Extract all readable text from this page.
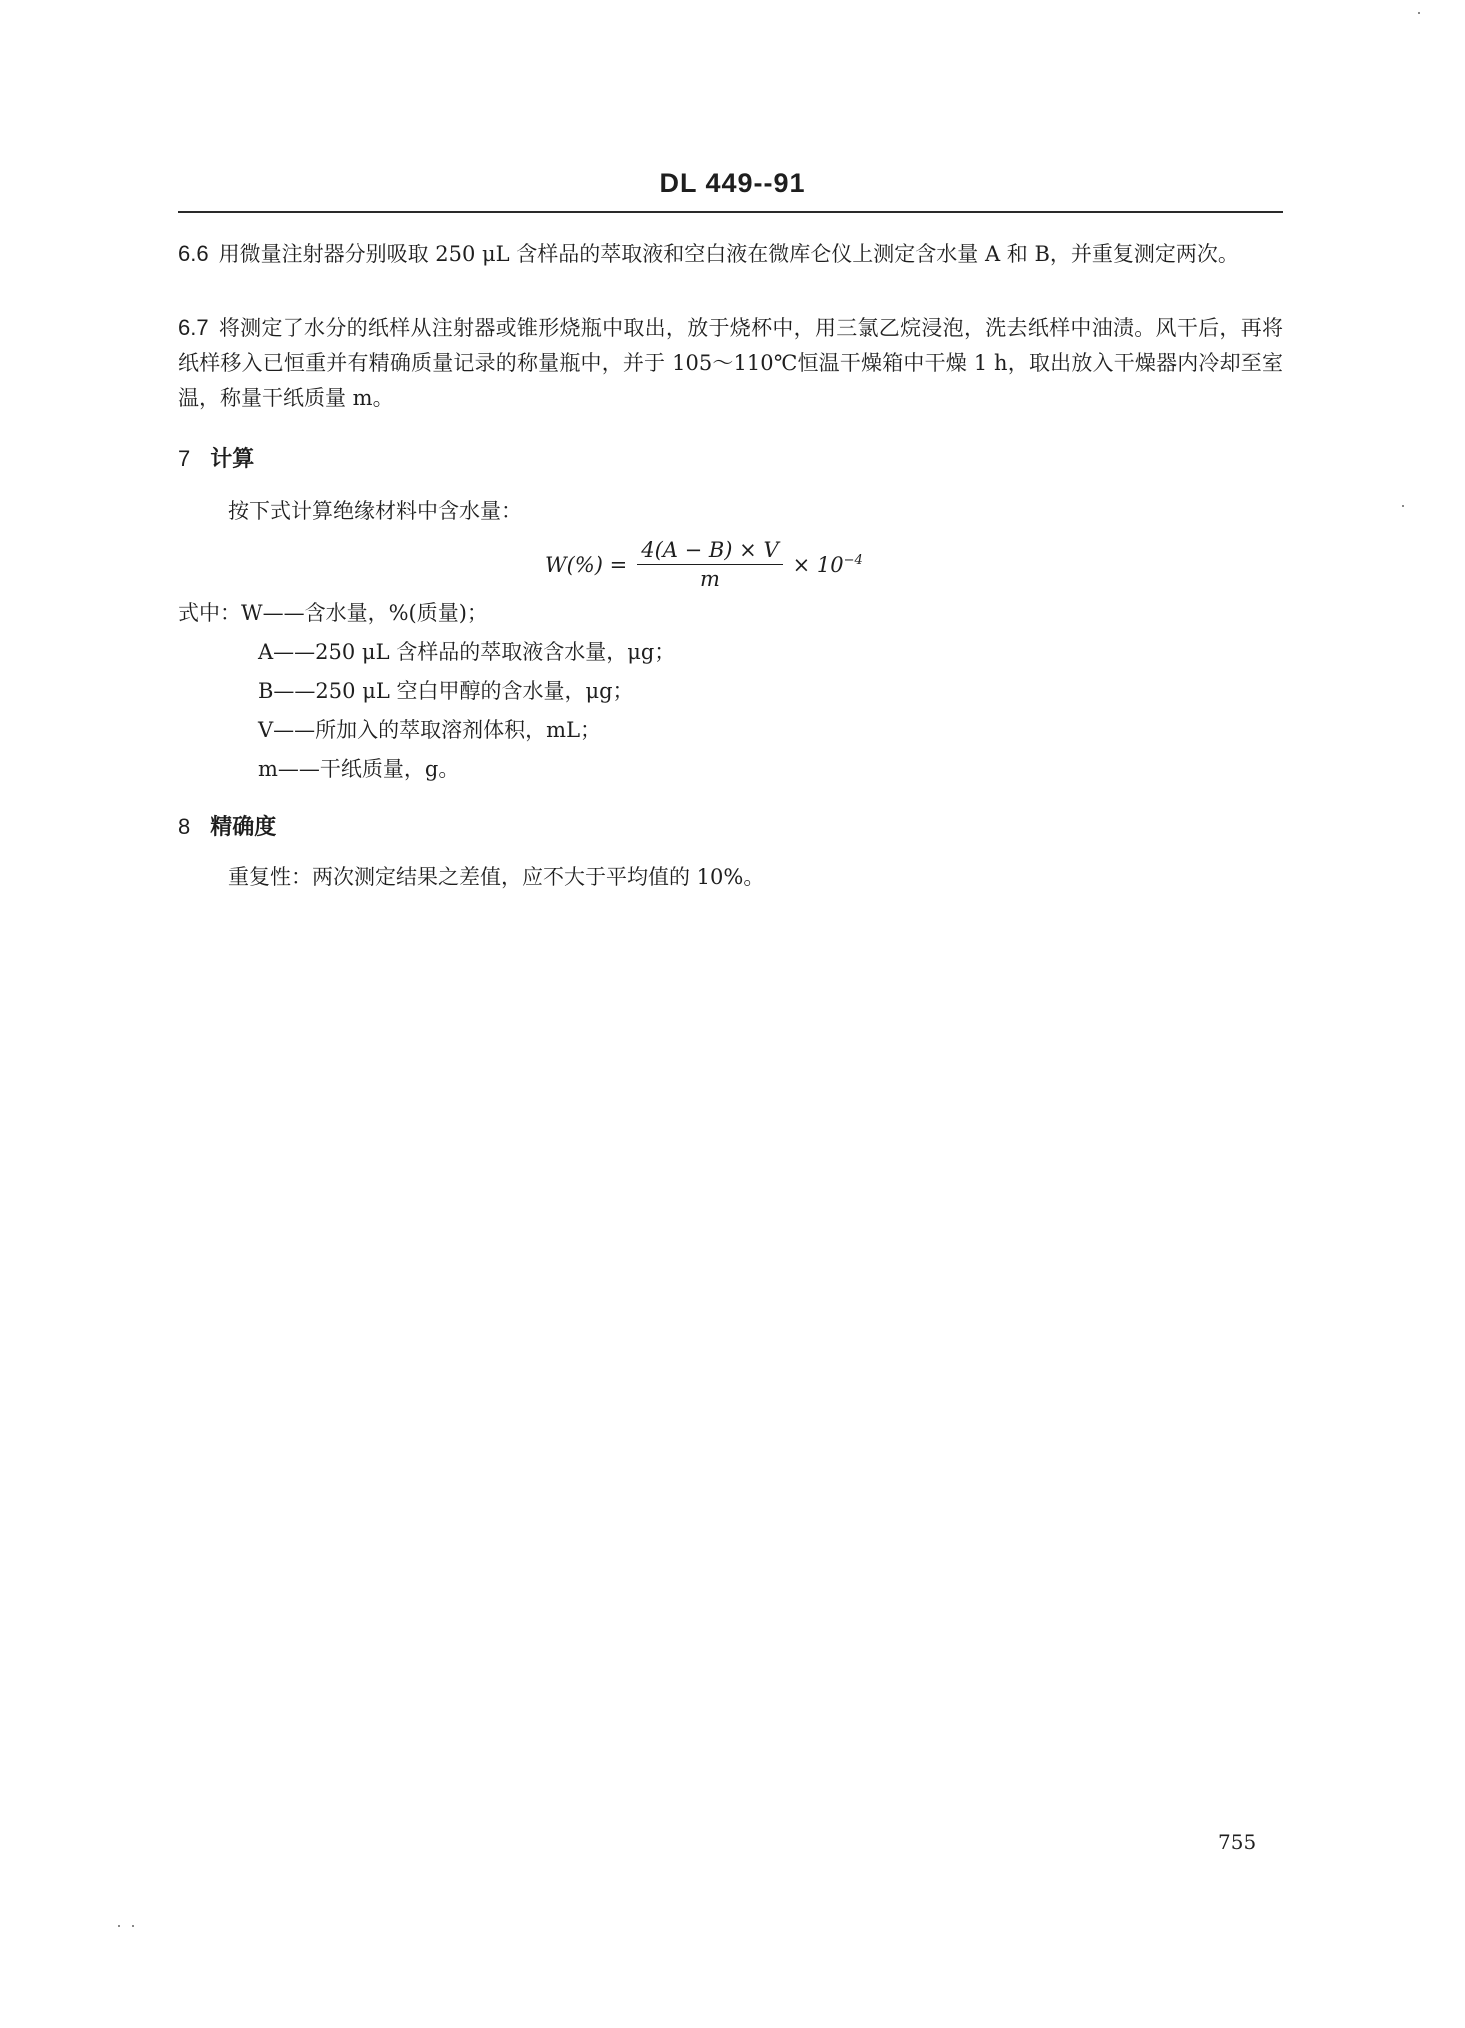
DL 449--91
6.6 用微量注射器分别吸取 250 μL 含样品的萃取液和空白液在微库仑仪上测定含水量 A 和 B，并重复测定两次。
6.7 将测定了水分的纸样从注射器或锥形烧瓶中取出，放于烧杯中，用三氯乙烷浸泡，洗去纸样中油渍。风干后，再将纸样移入已恒重并有精确质量记录的称量瓶中，并于 105～110℃恒温干燥箱中干燥 1 h，取出放入干燥器内冷却至室温，称量干纸质量 m。
7 计算
按下式计算绝缘材料中含水量：
$W(\%) = \frac{4(A - B) \times V}{m} \times 10^{-4}$
式中：W——含水量，%(质量)；
A——250 μL 含样品的萃取液含水量，μg；
B——250 μL 空白甲醇的含水量，μg；
V——所加入的萃取溶剂体积，mL；
m——干纸质量，g。
8 精确度
重复性：两次测定结果之差值，应不大于平均值的 10%。
755
